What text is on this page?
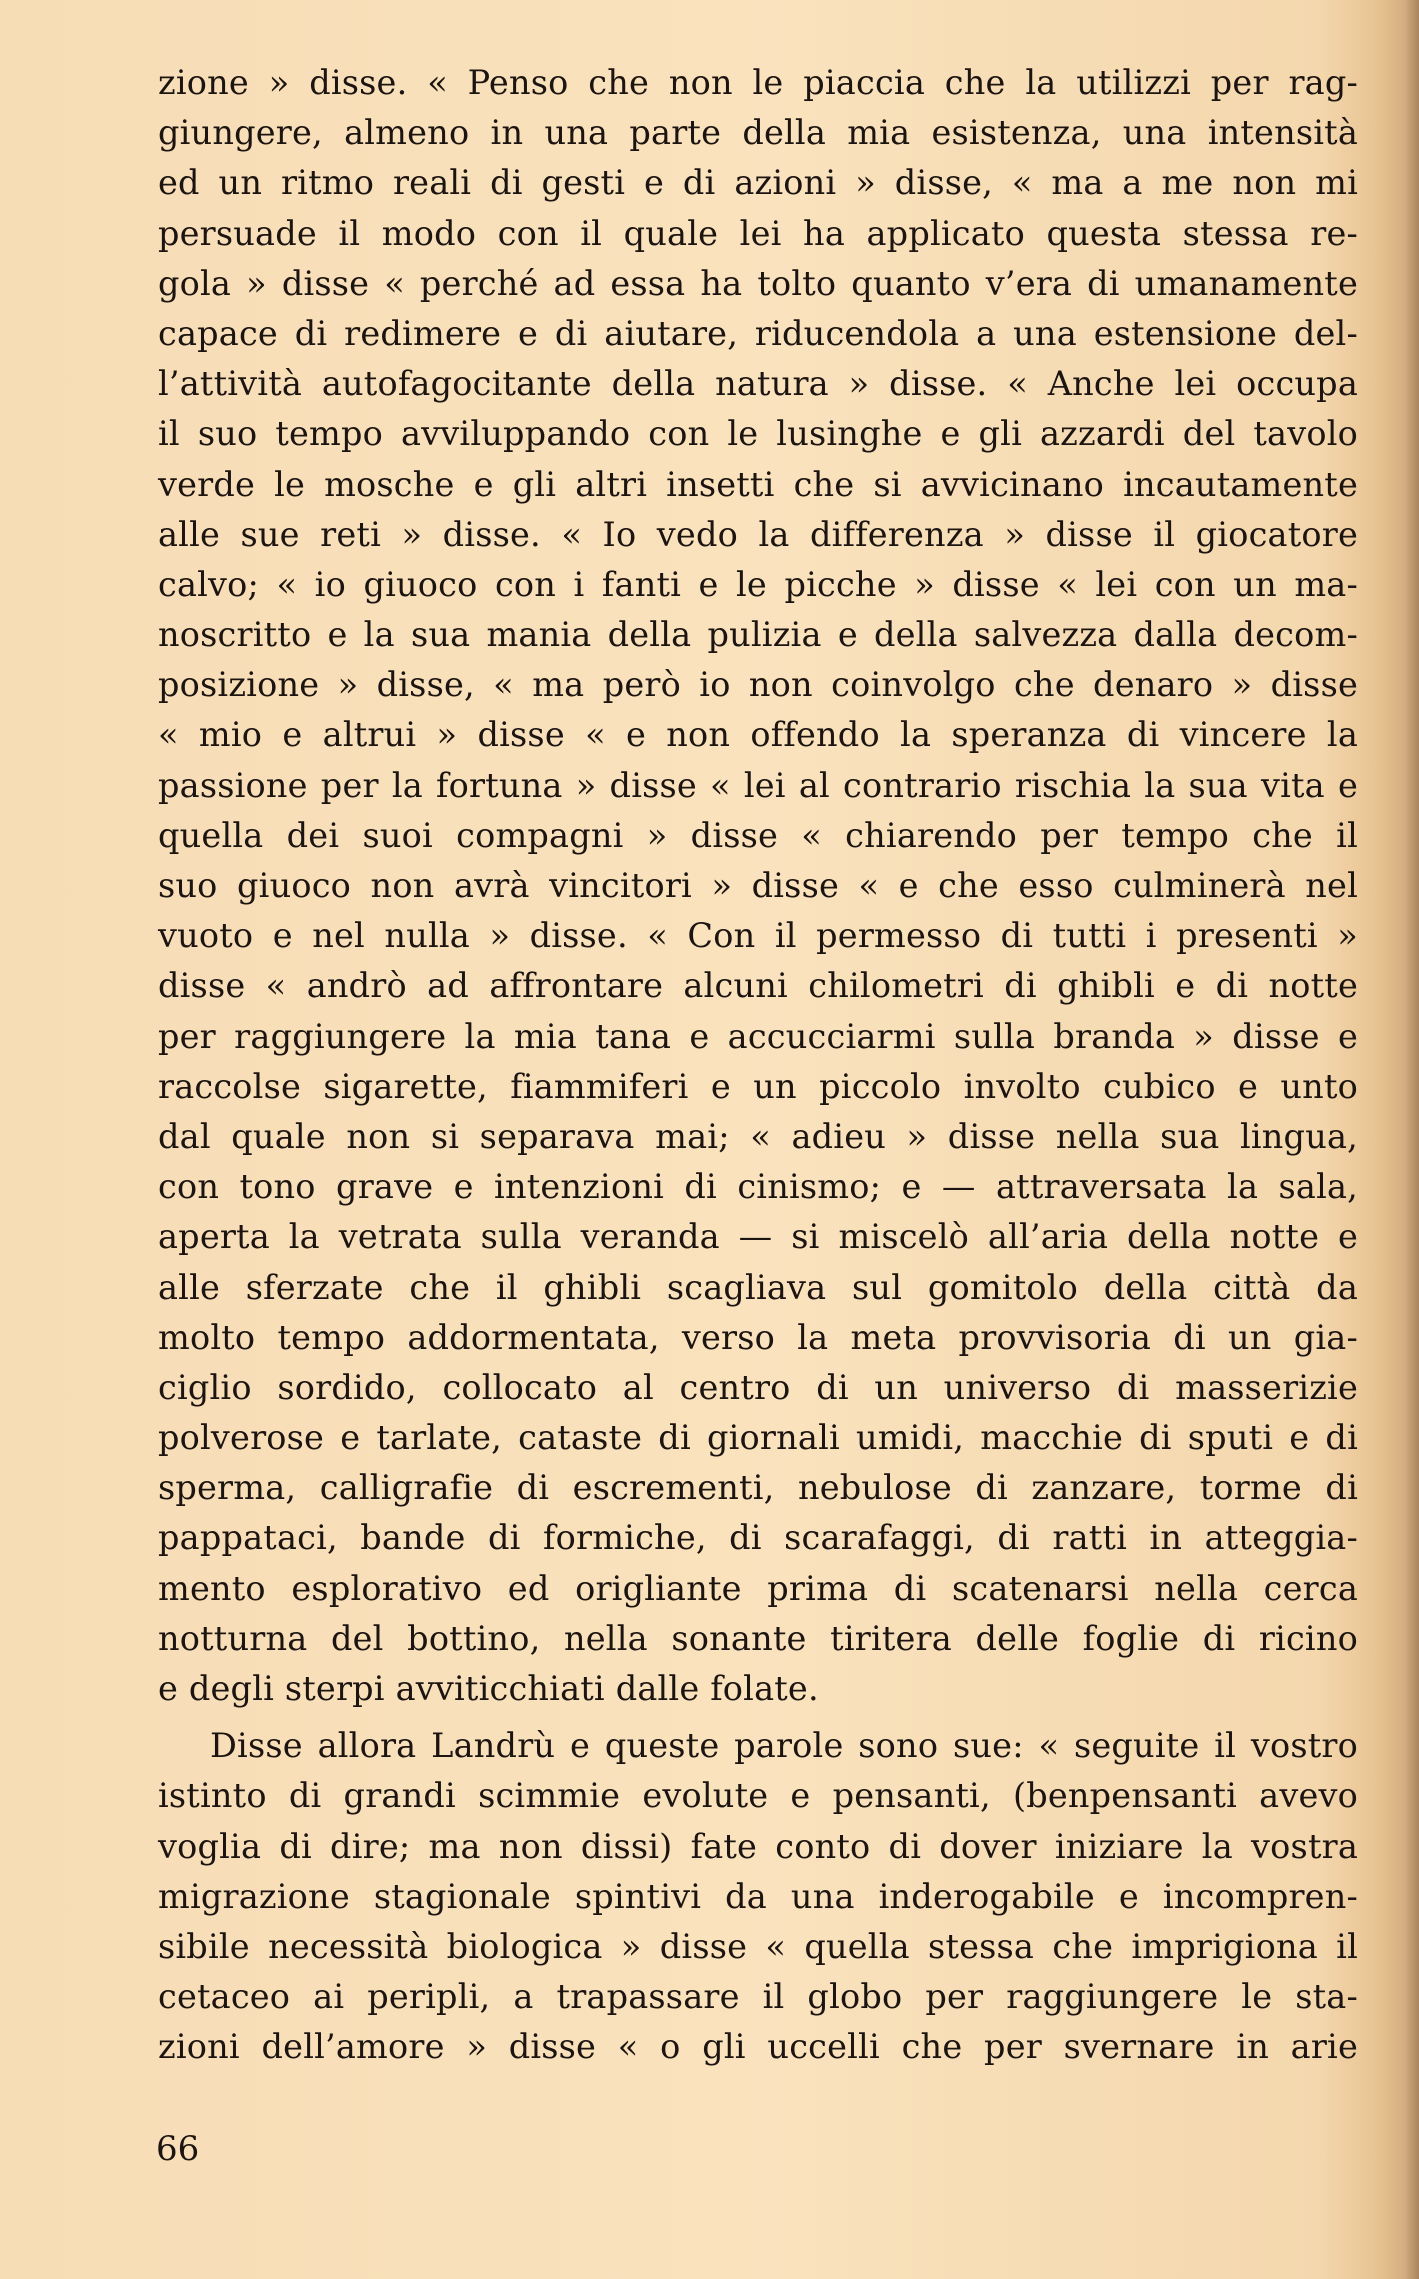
zione » disse. « Penso che non le piaccia che la utilizzi per rag-
giungere, almeno in una parte della mia esistenza, una intensità
ed un ritmo reali di gesti e di azioni » disse, « ma a me non mi
persuade il modo con il quale lei ha applicato questa stessa re-
gola » disse « perché ad essa ha tolto quanto v’era di umanamente
capace di redimere e di aiutare, riducendola a una estensione del-
l’attività autofagocitante della natura » disse. « Anche lei occupa
il suo tempo avviluppando con le lusinghe e gli azzardi del tavolo
verde le mosche e gli altri insetti che si avvicinano incautamente
alle sue reti » disse. « Io vedo la differenza » disse il giocatore
calvo; « io giuoco con i fanti e le picche » disse « lei con un ma-
noscritto e la sua mania della pulizia e della salvezza dalla decom-
posizione » disse, « ma però io non coinvolgo che denaro » disse
« mio e altrui » disse « e non offendo la speranza di vincere la
passione per la fortuna » disse « lei al contrario rischia la sua vita e
quella dei suoi compagni » disse « chiarendo per tempo che il
suo giuoco non avrà vincitori » disse « e che esso culminerà nel
vuoto e nel nulla » disse. « Con il permesso di tutti i presenti »
disse « andrò ad affrontare alcuni chilometri di ghibli e di notte
per raggiungere la mia tana e accucciarmi sulla branda » disse e
raccolse sigarette, fiammiferi e un piccolo involto cubico e unto
dal quale non si separava mai; « adieu » disse nella sua lingua,
con tono grave e intenzioni di cinismo; e — attraversata la sala,
aperta la vetrata sulla veranda — si miscelò all’aria della notte e
alle sferzate che il ghibli scagliava sul gomitolo della città da
molto tempo addormentata, verso la meta provvisoria di un gia-
ciglio sordido, collocato al centro di un universo di masserizie
polverose e tarlate, cataste di giornali umidi, macchie di sputi e di
sperma, calligrafie di escrementi, nebulose di zanzare, torme di
pappataci, bande di formiche, di scarafaggi, di ratti in atteggia-
mento esplorativo ed origliante prima di scatenarsi nella cerca
notturna del bottino, nella sonante tiritera delle foglie di ricino
e degli sterpi avviticchiati dalle folate.
Disse allora Landrù e queste parole sono sue: « seguite il vostro
istinto di grandi scimmie evolute e pensanti, (benpensanti avevo
voglia di dire; ma non dissi) fate conto di dover iniziare la vostra
migrazione stagionale spintivi da una inderogabile e incompren-
sibile necessità biologica » disse « quella stessa che imprigiona il
cetaceo ai peripli, a trapassare il globo per raggiungere le sta-
zioni dell’amore » disse « o gli uccelli che per svernare in arie
66
